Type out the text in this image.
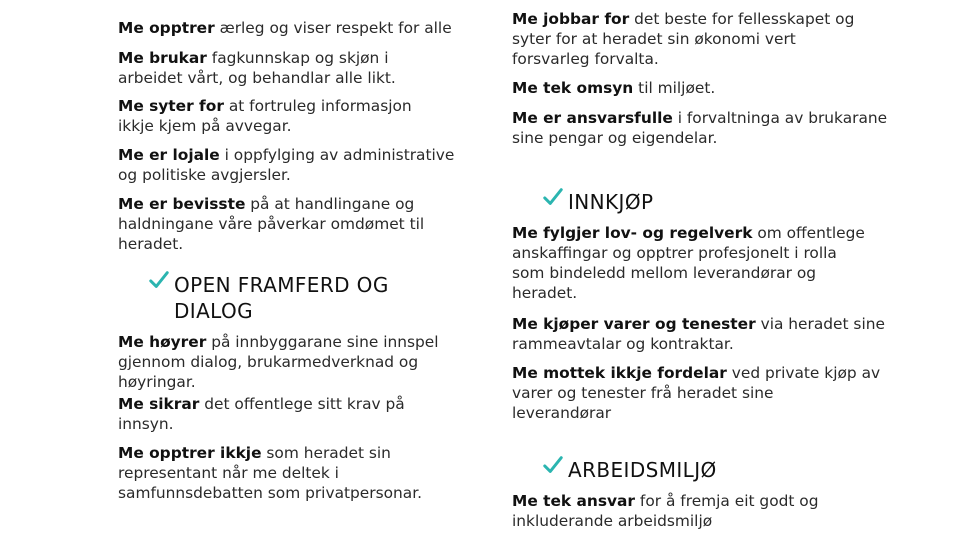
Me opptrer ærleg og viser respekt for alle

Me brukar fagkunnskap og skjøn i
arbeidet vårt, og behandlar alle likt.

Me syter for at fortruleg informasjon
ikkje kjem på avvegar.

Me er lojale i oppfylging av administrative
og politiske avgjersler.

Me er bevisste på at handlingane og
haldningane våre påverkar omdømet til
heradet.

OPEN FRAMFERD OG
DIALOG

Me høyrer på innbyggarane sine innspel
gjennom dialog, brukarmedverknad og
høyringar.

Me sikrar det offentlege sitt krav på
innsyn.

Me opptrer ikkje som heradet sin
representant når me deltek i
samfunnsdebatten som privatpersonar.

Me jobbar for det beste for fellesskapet og
syter for at heradet sin økonomi vert
forsvarleg forvalta.

Me tek omsyn til miljøet.

Me er ansvarsfulle i forvaltninga av brukarane
sine pengar og eigendelar.

INNKJØP

Me fylgjer lov- og regelverk om offentlege
anskaffingar og opptrer profesjonelt i rolla
som bindeledd mellom leverandørar og
heradet.

Me kjøper varer og tenester via heradet sine
rammeavtalar og kontraktar.

Me mottek ikkje fordelar ved private kjøp av
varer og tenester frå heradet sine
leverandørar

ARBEIDSMILJØ

Me tek ansvar for å fremja eit godt og
inkluderande arbeidsmiljø
